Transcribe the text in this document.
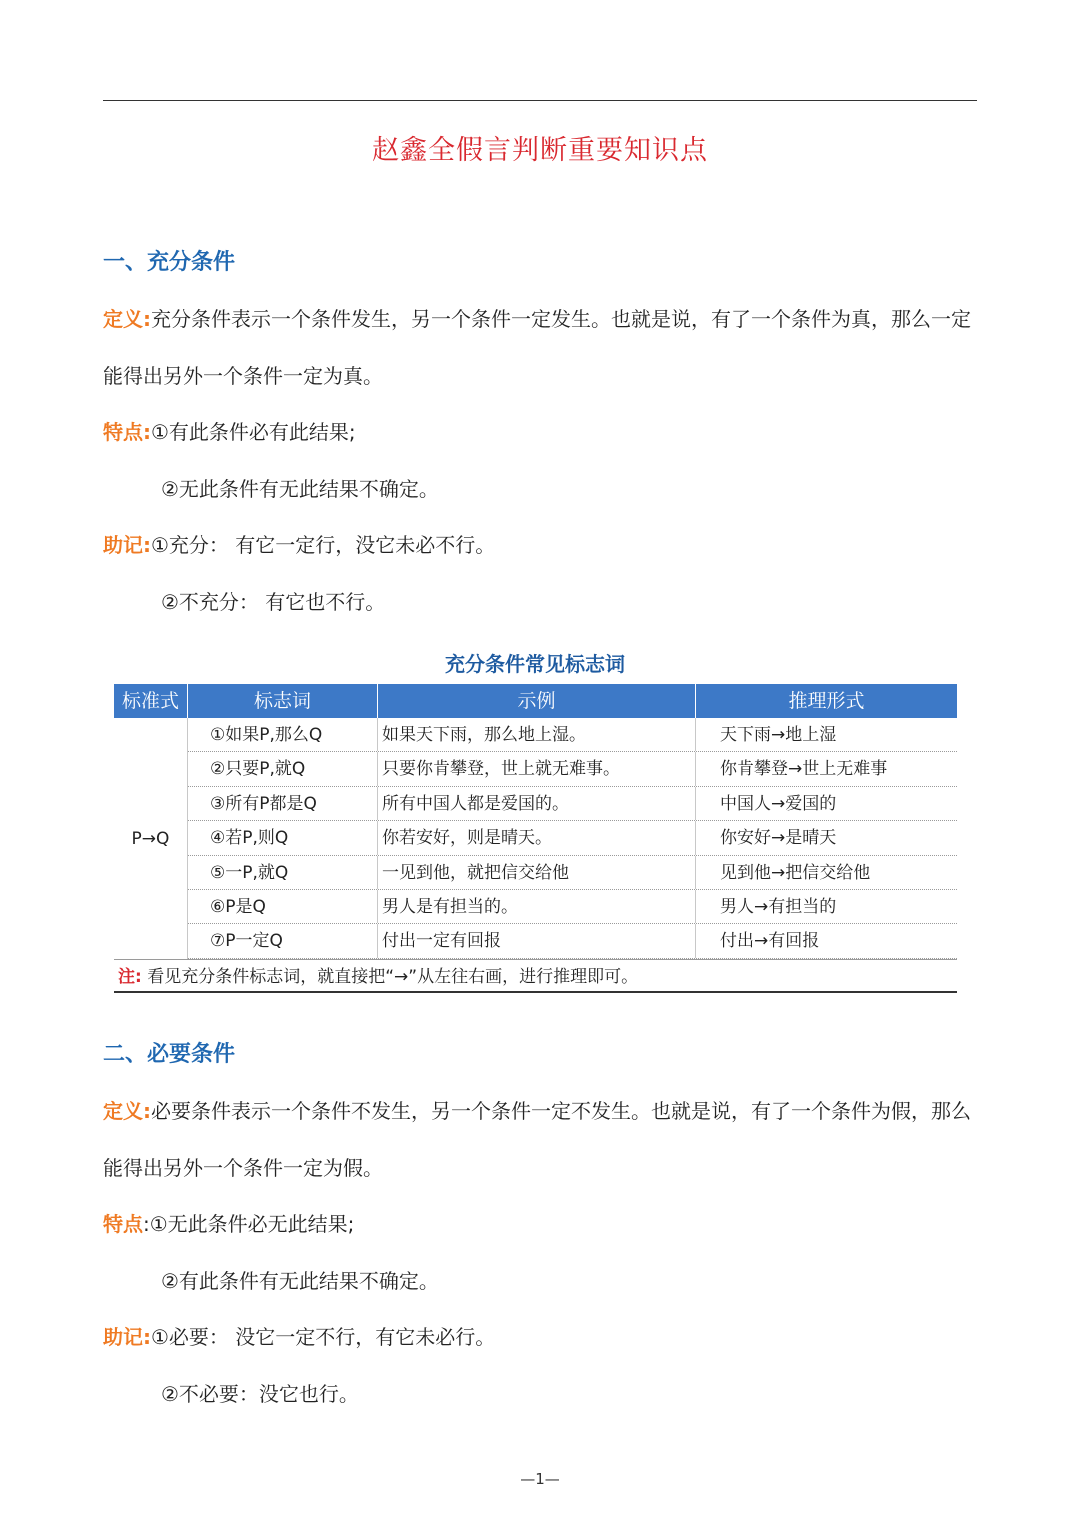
赵鑫全假言判断重要知识点
一、充分条件
定义:充分条件表示一个条件发生，另一个条件一定发生。也就是说，有了一个条件为真，那么一定
能得出另外一个条件一定为真。
特点:①有此条件必有此结果;
②无此条件有无此结果不确定。
助记:①充分： 有它一定行，没它未必不行。
②不充分： 有它也不行。
充分条件常见标志词
标准式	标志词	示例	推理形式
P→Q
①如果P,那么Q	如果天下雨，那么地上湿。	天下雨→地上湿
②只要P,就Q	只要你肯攀登，世上就无难事。	你肯攀登→世上无难事
③所有P都是Q	所有中国人都是爱国的。	中国人→爱国的
④若P,则Q	你若安好，则是晴天。	你安好→是晴天
⑤一P,就Q	一见到他，就把信交给他	见到他→把信交给他
⑥P是Q	男人是有担当的。	男人→有担当的
⑦P一定Q	付出一定有回报	付出→有回报
注: 看见充分条件标志词，就直接把“→”从左往右画，进行推理即可。
二、必要条件
定义:必要条件表示一个条件不发生，另一个条件一定不发生。也就是说，有了一个条件为假，那么
能得出另外一个条件一定为假。
特点:①无此条件必无此结果;
②有此条件有无此结果不确定。
助记:①必要： 没它一定不行，有它未必行。
②不必要：没它也行。
—1—
